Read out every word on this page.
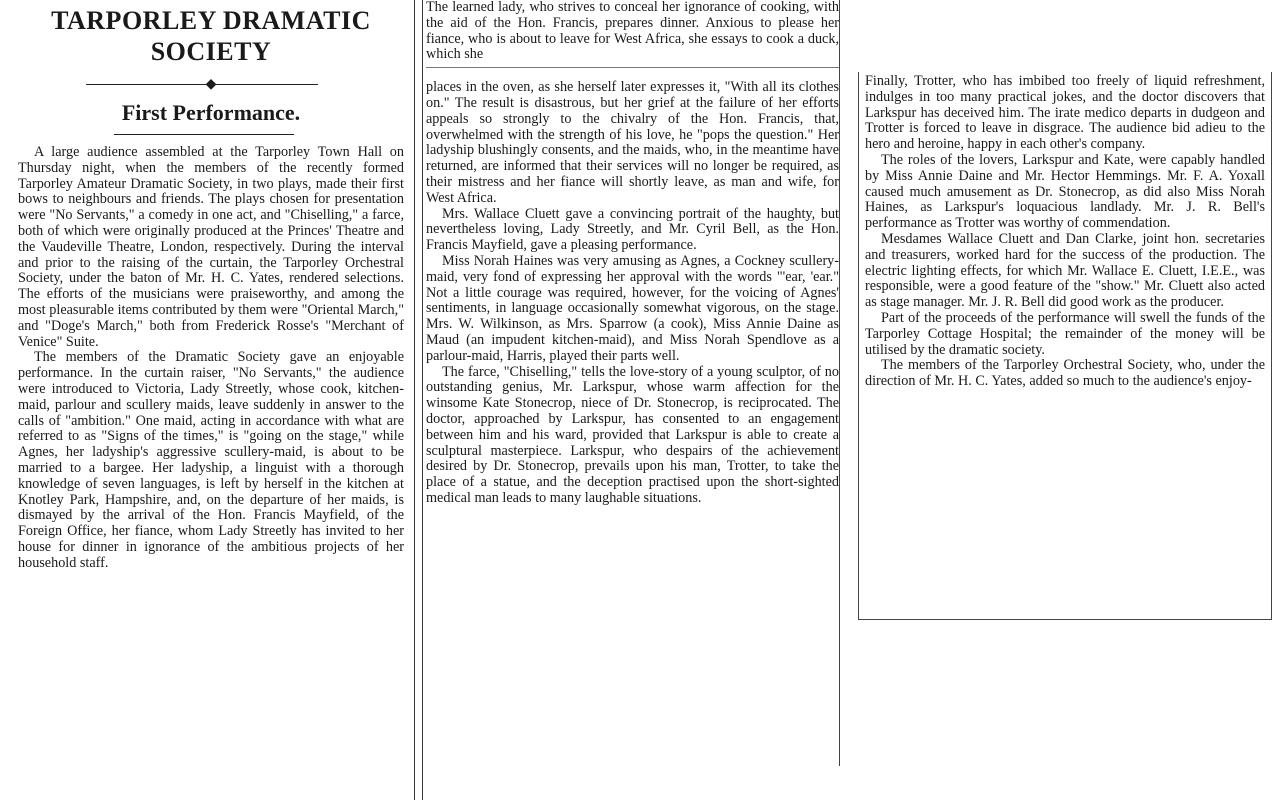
TARPORLEY DRAMATIC SOCIETY
First Performance.

A large audience assembled at the Tarporley Town Hall on Thursday night, when the members of the recently formed Tarporley Amateur Dramatic Society, in two plays, made their first bows to neighbours and friends. The plays chosen for presentation were "No Servants," a comedy in one act, and "Chiselling," a farce, both of which were originally produced at the Princes' Theatre and the Vaudeville Theatre, London, respectively. During the interval and prior to the raising of the curtain, the Tarporley Orchestral Society, under the baton of Mr. H. C. Yates, rendered selections. The efforts of the musicians were praiseworthy, and among the most pleasurable items contributed by them were "Oriental March," and "Doge's March," both from Frederick Rosse's "Merchant of Venice" Suite.

The members of the Dramatic Society gave an enjoyable performance. In the curtain raiser, "No Servants," the audience were introduced to Victoria, Lady Streetly, whose cook, kitchen-maid, parlour and scullery maids, leave suddenly in answer to the calls of "ambition." One maid, acting in accordance with what are referred to as "Signs of the times," is "going on the stage," while Agnes, her ladyship's aggressive scullery-maid, is about to be married to a bargee. Her ladyship, a linguist with a thorough knowledge of seven languages, is left by herself in the kitchen at Knotley Park, Hampshire, and, on the departure of her maids, is dismayed by the arrival of the Hon. Francis Mayfield, of the Foreign Office, her fiance, whom Lady Streetly has invited to her house for dinner in ignorance of the ambitious projects of her household staff.

The learned lady, who strives to conceal her ignorance of cooking, with the aid of the Hon. Francis, prepares dinner. Anxious to please her fiance, who is about to leave for West Africa, she essays to cook a duck, which she

places in the oven, as she herself later expresses it, "With all its clothes on." The result is disastrous, but her grief at the failure of her efforts appeals so strongly to the chivalry of the Hon. Francis, that, overwhelmed with the strength of his love, he "pops the question." Her ladyship blushingly consents, and the maids, who, in the meantime have returned, are informed that their services will no longer be required, as their mistress and her fiance will shortly leave, as man and wife, for West Africa.

Mrs. Wallace Cluett gave a convincing portrait of the haughty, but nevertheless loving, Lady Streetly, and Mr. Cyril Bell, as the Hon. Francis Mayfield, gave a pleasing performance.

Miss Norah Haines was very amusing as Agnes, a Cockney scullery-maid, very fond of expressing her approval with the words "'ear, 'ear." Not a little courage was required, however, for the voicing of Agnes' sentiments, in language occasionally somewhat vigorous, on the stage. Mrs. W. Wilkinson, as Mrs. Sparrow (a cook), Miss Annie Daine as Maud (an impudent kitchen-maid), and Miss Norah Spendlove as a parlour-maid, Harris, played their parts well.

The farce, "Chiselling," tells the love-story of a young sculptor, of no outstanding genius, Mr. Larkspur, whose warm affection for the winsome Kate Stonecrop, niece of Dr. Stonecrop, is reciprocated. The doctor, approached by Larkspur, has consented to an engagement between him and his ward, provided that Larkspur is able to create a sculptural masterpiece. Larkspur, who despairs of the achievement desired by Dr. Stonecrop, prevails upon his man, Trotter, to take the place of a statue, and the deception practised upon the short-sighted medical man leads to many laughable situations.

Finally, Trotter, who has imbibed too freely of liquid refreshment, indulges in too many practical jokes, and the doctor discovers that Larkspur has deceived him. The irate medico departs in dudgeon and Trotter is forced to leave in disgrace. The audience bid adieu to the hero and heroine, happy in each other's company.

The roles of the lovers, Larkspur and Kate, were capably handled by Miss Annie Daine and Mr. Hector Hemmings. Mr. F. A. Yoxall caused much amusement as Dr. Stonecrop, as did also Miss Norah Haines, as Larkspur's loquacious landlady. Mr. J. R. Bell's performance as Trotter was worthy of commendation.

Mesdames Wallace Cluett and Dan Clarke, joint hon. secretaries and treasurers, worked hard for the success of the production. The electric lighting effects, for which Mr. Wallace E. Cluett, I.E.E., was responsible, were a good feature of the "show." Mr. Cluett also acted as stage manager. Mr. J. R. Bell did good work as the producer.

Part of the proceeds of the performance will swell the funds of the Tarporley Cottage Hospital; the remainder of the money will be utilised by the dramatic society.

The members of the Tarporley Orchestral Society, who, under the direction of Mr. H. C. Yates, added so much to the audience's enjoy-
